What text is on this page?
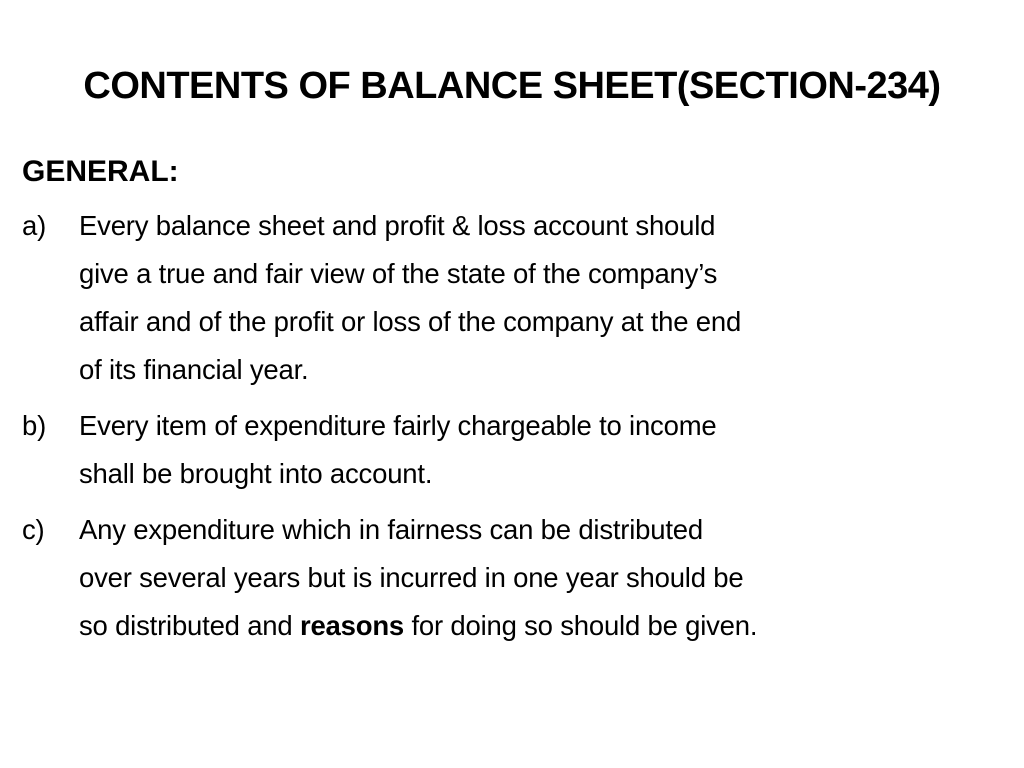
CONTENTS OF BALANCE SHEET(SECTION-234)
GENERAL:
a) Every balance sheet and profit & loss account should
give a true and fair view of the state of the company’s
affair and of the profit or loss of the company at the end
of its financial year.
b) Every item of expenditure fairly chargeable to income
shall be brought into account.
c) Any expenditure which in fairness can be distributed
over several years but is incurred in one year should be
so distributed and reasons for doing so should be given.
